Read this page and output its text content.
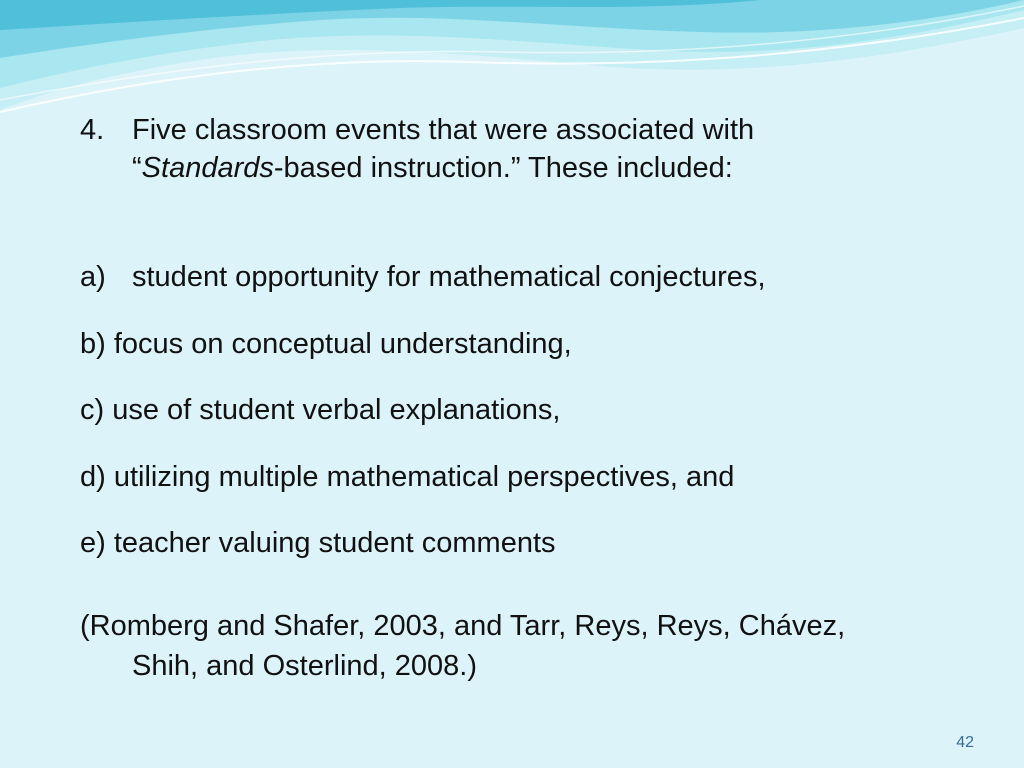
4. Five classroom events that were associated with
“Standards-based instruction.” These included:
a) student opportunity for mathematical conjectures,
b) focus on conceptual understanding,
c) use of student verbal explanations,
d) utilizing multiple mathematical perspectives, and
e) teacher valuing student comments
(Romberg and Shafer, 2003, and Tarr, Reys, Reys, Chávez,
Shih, and Osterlind, 2008.)
42
